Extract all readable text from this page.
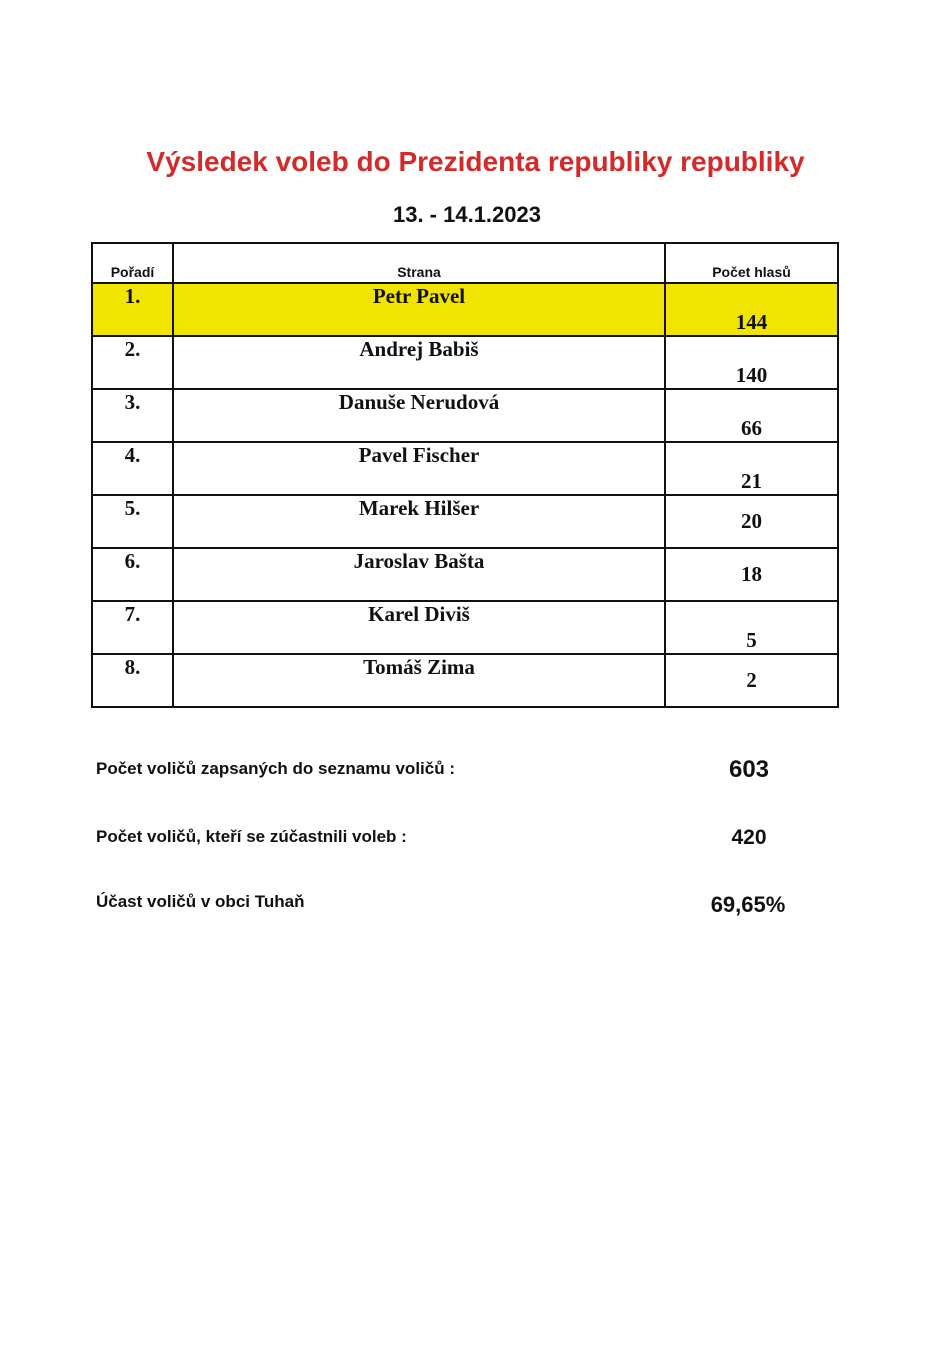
Výsledek voleb do Prezidenta republiky republiky
13. - 14.1.2023
Pořadí	Strana	Počet hlasů
1.	Petr Pavel	144
2.	Andrej Babiš	140
3.	Danuše Nerudová	66
4.	Pavel Fischer	21
5.	Marek Hilšer	20
6.	Jaroslav Bašta	18
7.	Karel Diviš	5
8.	Tomáš Zima	2
Počet voličů zapsaných do seznamu voličů :	603
Počet voličů, kteří se zúčastnili voleb :	420
Účast voličů v obci Tuhaň	69,65%
